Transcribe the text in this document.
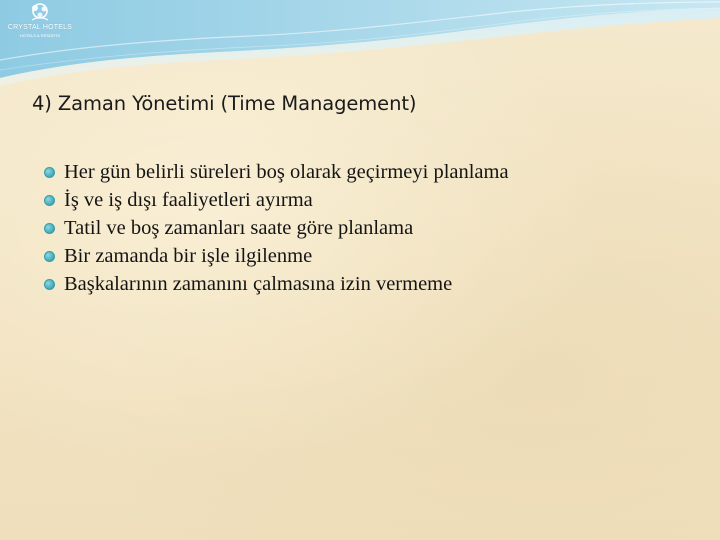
CRYSTAL HOTELS
HOTELS & RESORTS
4) Zaman Yönetimi (Time Management)
Her gün belirli süreleri boş olarak geçirmeyi planlama
İş ve iş dışı faaliyetleri ayırma
Tatil ve boş zamanları saate göre planlama
Bir zamanda bir işle ilgilenme
Başkalarının zamanını çalmasına izin vermeme
